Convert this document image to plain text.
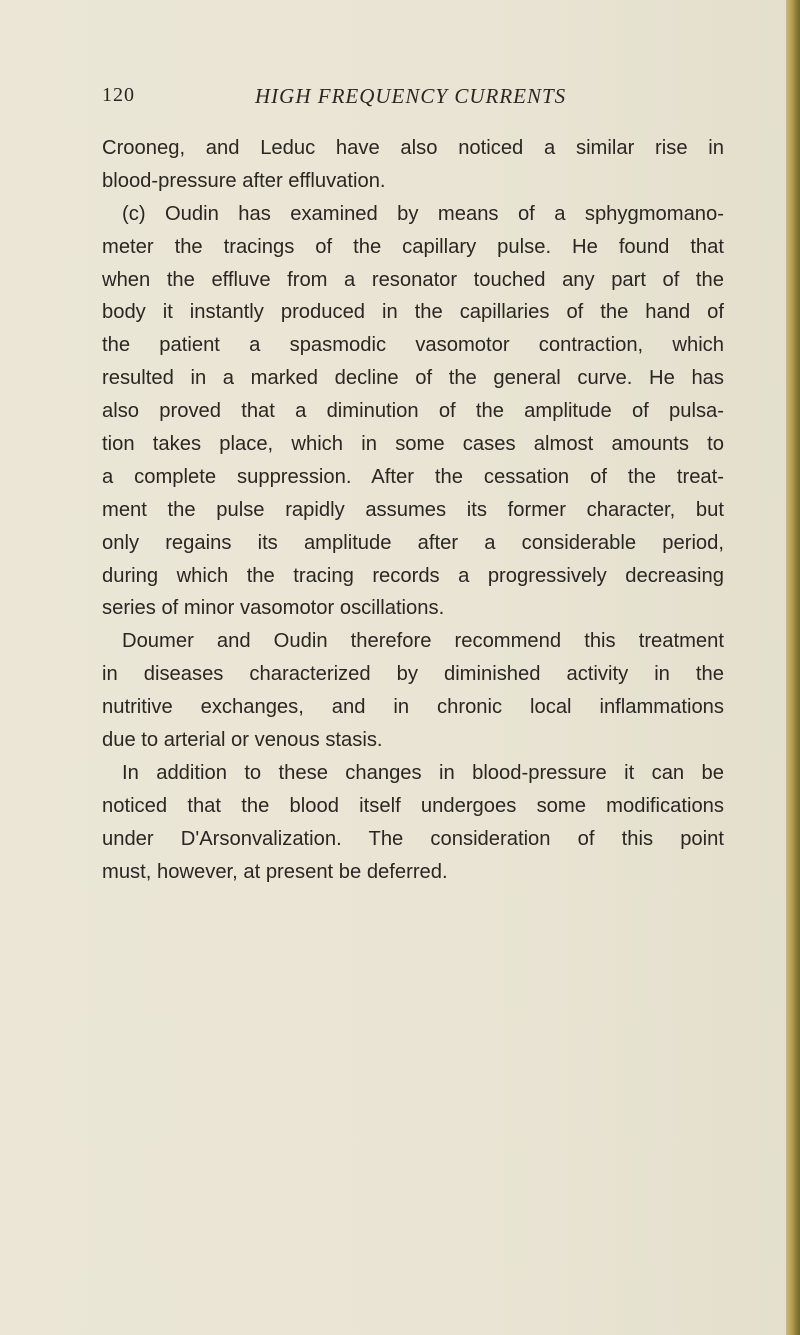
120	HIGH FREQUENCY CURRENTS
Crooneg, and Leduc have also noticed a similar rise in
blood-pressure after effluvation.
(c) Oudin has examined by means of a sphygmomano-
meter the tracings of the capillary pulse. He found that
when the effluve from a resonator touched any part of the
body it instantly produced in the capillaries of the hand of
the patient a spasmodic vasomotor contraction, which
resulted in a marked decline of the general curve. He has
also proved that a diminution of the amplitude of pulsa-
tion takes place, which in some cases almost amounts to
a complete suppression. After the cessation of the treat-
ment the pulse rapidly assumes its former character, but
only regains its amplitude after a considerable period,
during which the tracing records a progressively decreasing
series of minor vasomotor oscillations.
Doumer and Oudin therefore recommend this treatment
in diseases characterized by diminished activity in the
nutritive exchanges, and in chronic local inflammations
due to arterial or venous stasis.
In addition to these changes in blood-pressure it can be
noticed that the blood itself undergoes some modifications
under D'Arsonvalization. The consideration of this point
must, however, at present be deferred.
